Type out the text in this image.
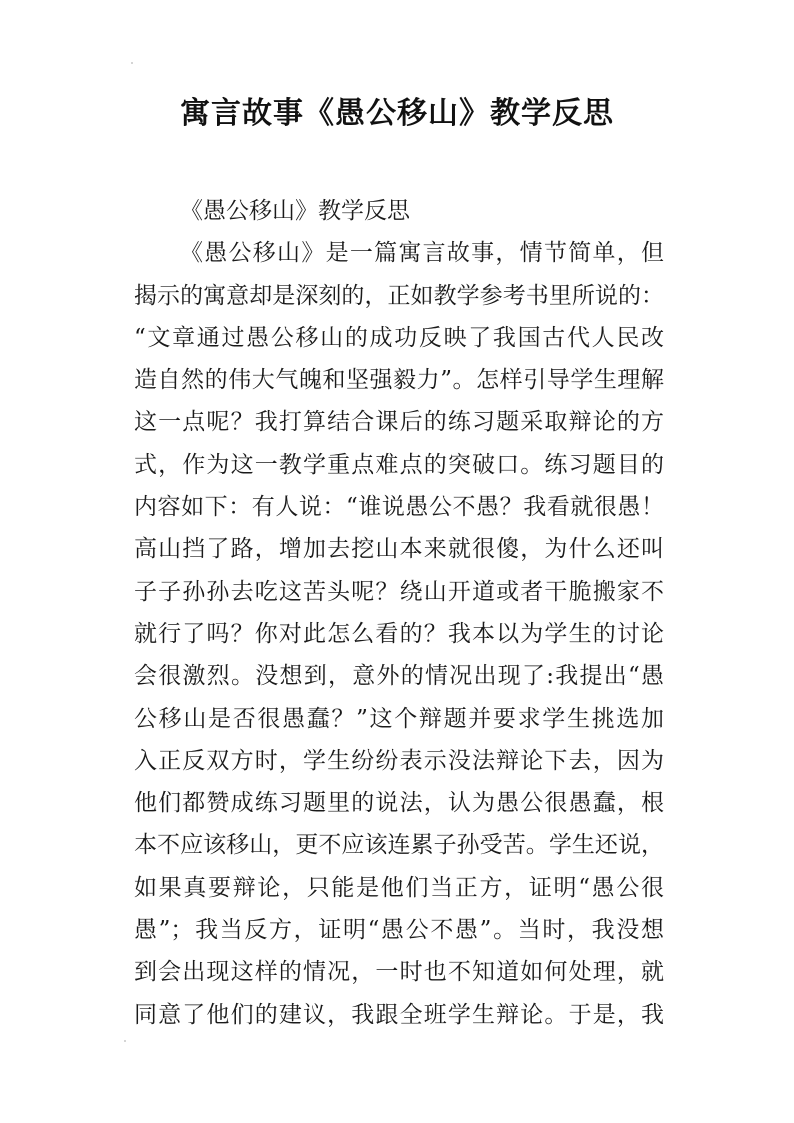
寓言故事《愚公移山》教学反思
《愚公移山》教学反思
《愚公移山》是一篇寓言故事，情节简单，但
揭示的寓意却是深刻的，正如教学参考书里所说的：
“文章通过愚公移山的成功反映了我国古代人民改
造自然的伟大气魄和坚强毅力”。怎样引导学生理解
这一点呢？我打算结合课后的练习题采取辩论的方
式，作为这一教学重点难点的突破口。练习题目的
内容如下：有人说：“谁说愚公不愚？我看就很愚！
高山挡了路，增加去挖山本来就很傻，为什么还叫
子子孙孙去吃这苦头呢？绕山开道或者干脆搬家不
就行了吗？你对此怎么看的？我本以为学生的讨论
会很激烈。没想到，意外的情况出现了:我提出“愚
公移山是否很愚蠢？”这个辩题并要求学生挑选加
入正反双方时，学生纷纷表示没法辩论下去，因为
他们都赞成练习题里的说法，认为愚公很愚蠢，根
本不应该移山，更不应该连累子孙受苦。学生还说，
如果真要辩论，只能是他们当正方，证明“愚公很
愚”；我当反方，证明“愚公不愚”。当时，我没想
到会出现这样的情况，一时也不知道如何处理，就
同意了他们的建议，我跟全班学生辩论。于是，我
